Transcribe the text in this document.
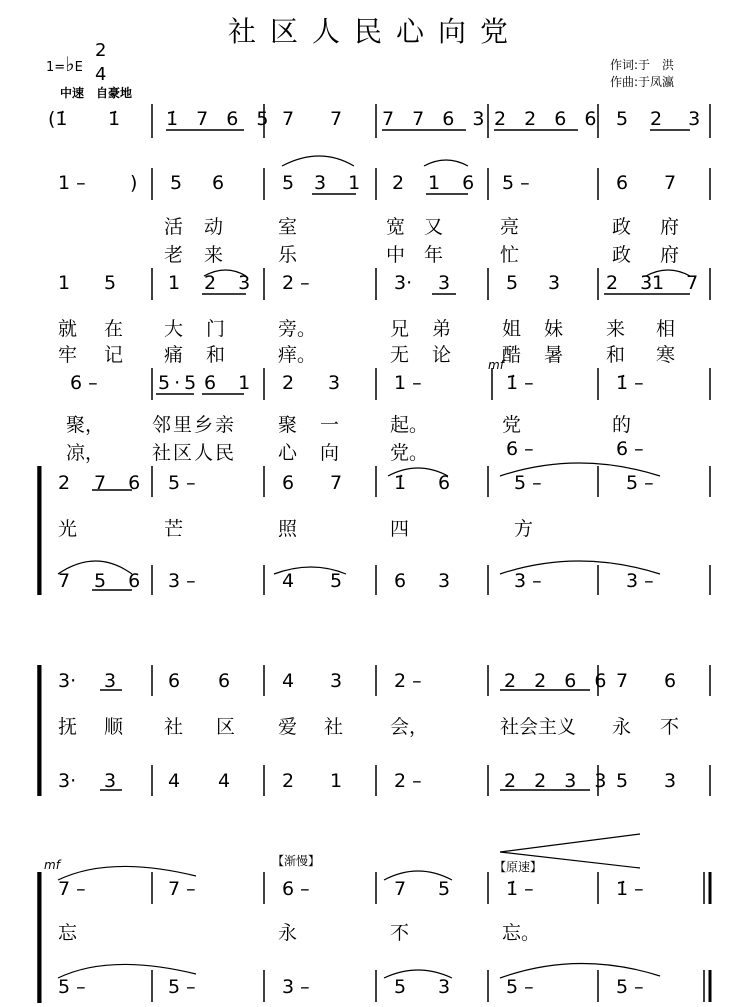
社区人民心向党
1=♭E
2
4
中速　自豪地
作词:于　洪
作曲:于凤瀛
(1̇ 1̇ 1̇ 7 6 5 7 7 7 7 6 3 2 2 6 6 5 2 3
1 – ) 5 6	5 3 1 2 1 6 5 –	6 7
活 动	室	宽 又	亮	政 府
老 来	乐	中 年	忙	政 府
1 5	1 2 3 2 –	3· 3	5 3 2 3
1 7
就 在 大 门	旁。	兄 弟	姐 妹 来 相
牢 记 痛 和	痒。	无 论	酷 暑 和 寒
6 –	5·5 6 1 2 3	1 –
mf
1̇ –	1̇ –
聚，	邻里乡亲 聚 一	起。	党	的
凉，	社区人民 心 向	党。	6 –	6 –
2 7 6 5 –	6 7	1̇ 6	5 –	5 –
光	芒	照	四	方
7 5 6 3 –	4 5	6 3	3 –	3 –
3· 3	6 6	4 3	2 –	2 2 6 6 7 6
抚 顺 社 区 爱 社 会，	社会主义 永 不
3· 3	4 4	2 1	2 –	2 2 3 3 5 3
mf	【渐慢】	【原速】
7 –	7 –	6 –	7 5	1̇ –	1̇ –
忘	永	不	忘。
5 –	5 –	3 –	5 3	5 –	5 –
